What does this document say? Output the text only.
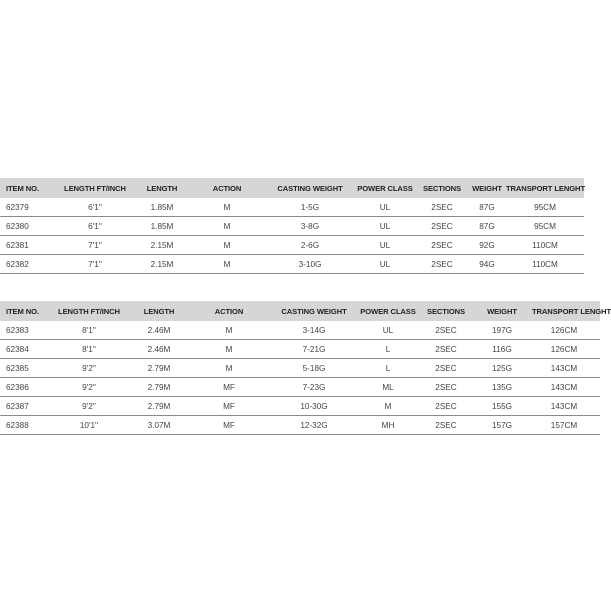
ITEM NO.	LENGTH FT/INCH	LENGTH	ACTION	CASTING WEIGHT	POWER CLASS	SECTIONS	WEIGHT	TRANSPORT LENGHT
62379	6'1''	1.85M	M	1-5G	UL	2SEC	87G	95CM
62380	6'1''	1.85M	M	3-8G	UL	2SEC	87G	95CM
62381	7'1''	2.15M	M	2-6G	UL	2SEC	92G	110CM
62382	7'1''	2.15M	M	3-10G	UL	2SEC	94G	110CM
ITEM NO.	LENGTH FT/INCH	LENGTH	ACTION	CASTING WEIGHT	POWER CLASS	SECTIONS	WEIGHT	TRANSPORT LENGHT
62383	8'1''	2.46M	M	3-14G	UL	2SEC	197G	126CM
62384	8'1''	2.46M	M	7-21G	L	2SEC	116G	126CM
62385	9'2''	2.79M	M	5-18G	L	2SEC	125G	143CM
62386	9'2''	2.79M	MF	7-23G	ML	2SEC	135G	143CM
62387	9'2''	2.79M	MF	10-30G	M	2SEC	155G	143CM
62388	10'1''	3.07M	MF	12-32G	MH	2SEC	157G	157CM
